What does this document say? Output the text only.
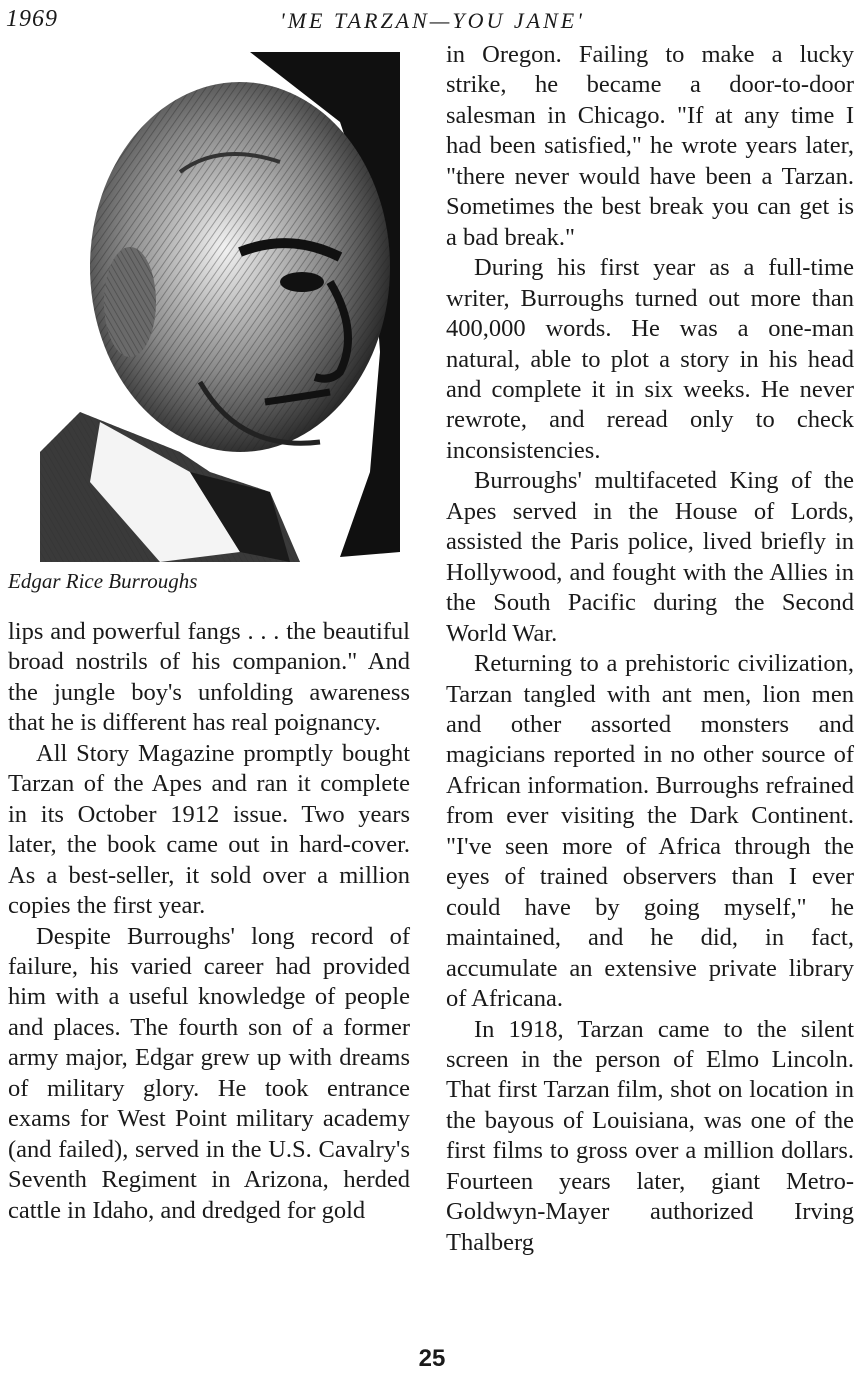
1969	'ME TARZAN—YOU JANE'
Edgar Rice Burroughs

lips and powerful fangs . . . the beautiful broad nostrils of his companion." And the jungle boy's unfolding awareness that he is different has real poignancy.

All Story Magazine promptly bought Tarzan of the Apes and ran it complete in its October 1912 issue. Two years later, the book came out in hard-cover. As a best-seller, it sold over a million copies the first year.

Despite Burroughs' long record of failure, his varied career had provided him with a useful knowledge of people and places. The fourth son of a former army major, Edgar grew up with dreams of military glory. He took entrance exams for West Point military academy (and failed), served in the U.S. Cavalry's Seventh Regiment in Arizona, herded cattle in Idaho, and dredged for gold

in Oregon. Failing to make a lucky strike, he became a door-to-door salesman in Chicago. "If at any time I had been satisfied," he wrote years later, "there never would have been a Tarzan. Sometimes the best break you can get is a bad break."

During his first year as a full-time writer, Burroughs turned out more than 400,000 words. He was a one-man natural, able to plot a story in his head and complete it in six weeks. He never rewrote, and reread only to check inconsistencies.

Burroughs' multifaceted King of the Apes served in the House of Lords, assisted the Paris police, lived briefly in Hollywood, and fought with the Allies in the South Pacific during the Second World War.

Returning to a prehistoric civilization, Tarzan tangled with ant men, lion men and other assorted monsters and magicians reported in no other source of African information. Burroughs refrained from ever visiting the Dark Continent. "I've seen more of Africa through the eyes of trained observers than I ever could have by going myself," he maintained, and he did, in fact, accumulate an extensive private library of Africana.

In 1918, Tarzan came to the silent screen in the person of Elmo Lincoln. That first Tarzan film, shot on location in the bayous of Louisiana, was one of the first films to gross over a million dollars. Fourteen years later, giant Metro-Goldwyn-Mayer authorized Irving Thalberg

25
